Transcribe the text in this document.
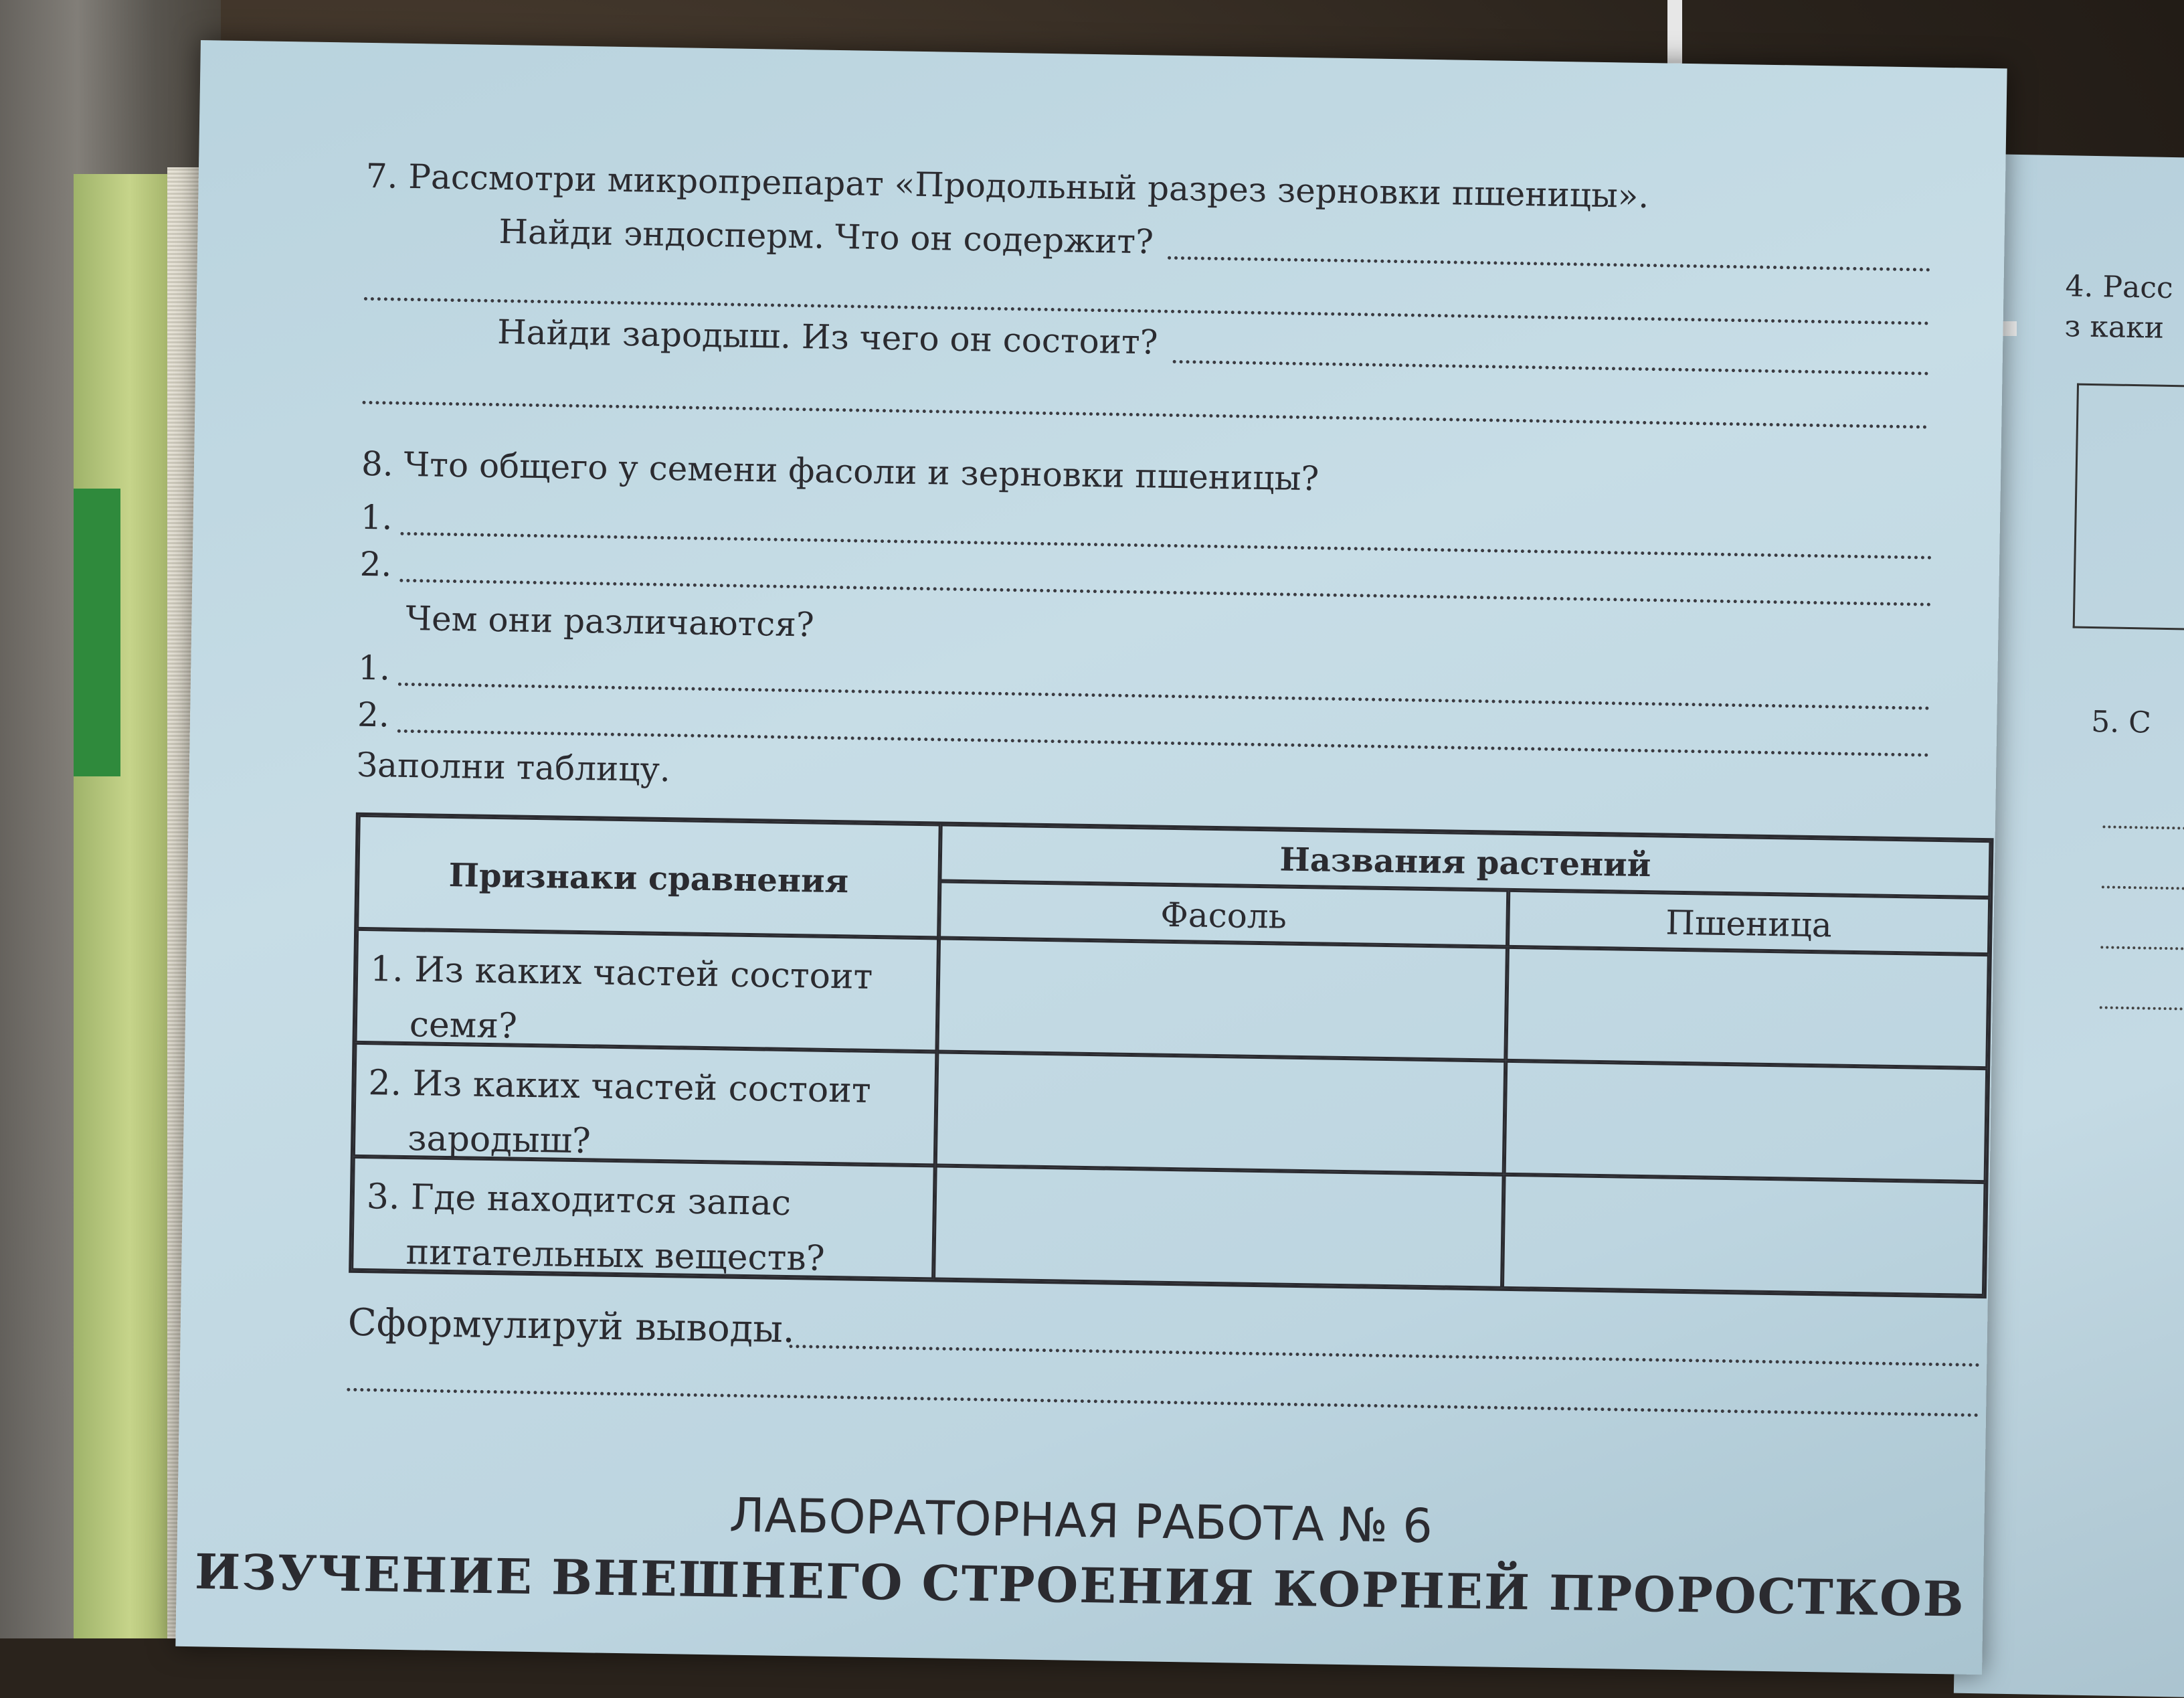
4. Расс
з каки
5. С
7. Рассмотри микропрепарат «Продольный разрез зерновки пшеницы».
Найди эндосперм. Что он содержит?
Найди зародыш. Из чего он состоит?
8. Что общего у семени фасоли и зерновки пшеницы?
1.
2.
Чем они различаются?
1.
2.
Заполни таблицу.
Признаки сравнения	Названия растений
Фасоль	Пшеница
1. Из каких частей состоит
семя?
2. Из каких частей состоит
зародыш?
3. Где находится запас
питательных веществ?
Сформулируй выводы.
ЛАБОРАТОРНАЯ РАБОТА № 6
ИЗУЧЕНИЕ ВНЕШНЕГО СТРОЕНИЯ КОРНЕЙ ПРОРОСТКОВ
